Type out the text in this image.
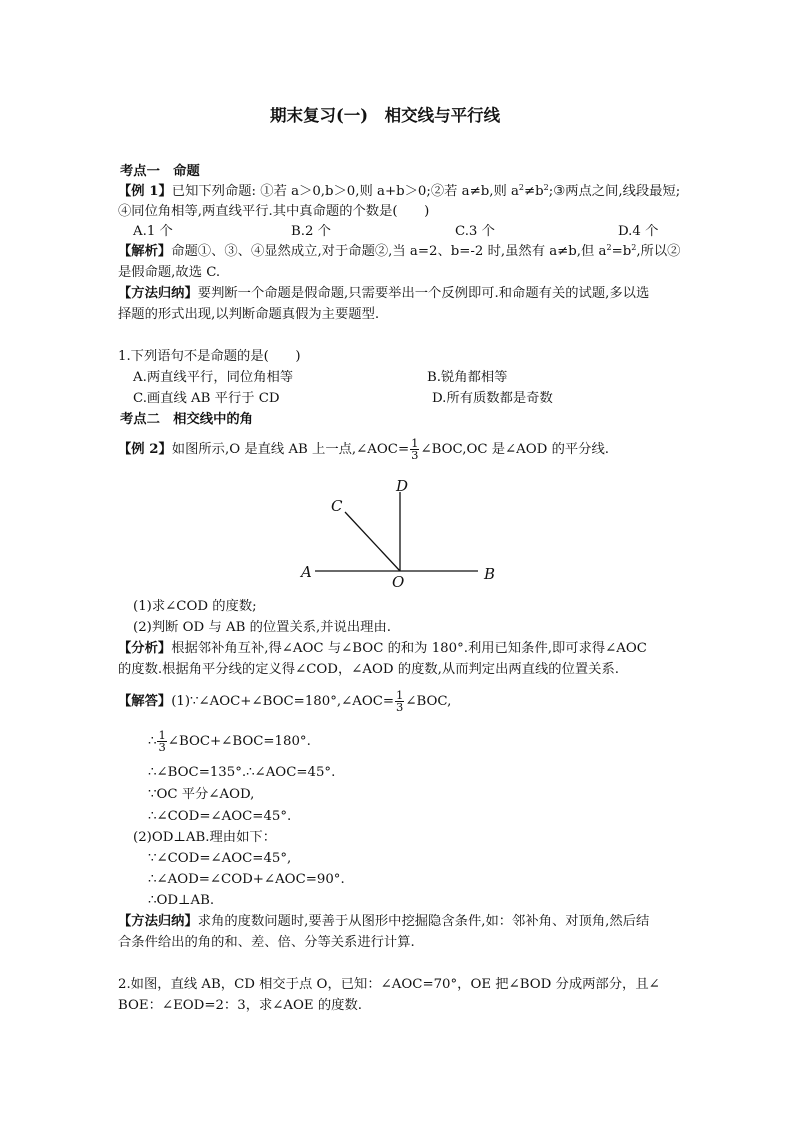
期末复习(一)　相交线与平行线
考点一　命题
【例 1】已知下列命题: ①若 a＞0,b＞0,则 a+b＞0;②若 a≠b,则 $a^2\ne b^2;③$两点之间,线段最短;
④同位角相等,两直线平行.其中真命题的个数是(　　)
A.1 个	B.2 个	C.3 个	D.4 个
【解析】命题①、③、④显然成立,对于命题②,当 a=2、b=-2 时,虽然有 a≠b,但 $a^2=b^2$,所以②
是假命题,故选 C.
【方法归纳】要判断一个命题是假命题,只需要举出一个反例即可.和命题有关的试题,多以选
择题的形式出现,以判断命题真假为主要题型.
1.下列语句不是命题的是(　　)
A.两直线平行，同位角相等	B.锐角都相等
C.画直线 AB 平行于 CD	D.所有质数都是奇数
考点二　相交线中的角
【例 2】如图所示,O 是直线 AB 上一点,∠AOC= $\frac{1}{3}$ ∠BOC,OC 是∠AOD 的平分线.
A	B
C
D
O
(1)求∠COD 的度数;
(2)判断 OD 与 AB 的位置关系,并说出理由.
【分析】根据邻补角互补,得∠AOC 与∠BOC 的和为 180°.利用已知条件,即可求得∠AOC
的度数.根据角平分线的定义得∠COD，∠AOD 的度数,从而判定出两直线的位置关系.
【解答】(1)∵∠AOC+∠BOC=180°,∠AOC= $\frac{1}{3}$ ∠BOC,
∴ $\frac{1}{3}$ ∠BOC+∠BOC=180°.
∴∠BOC=135°.∴∠AOC=45°.
∵OC 平分∠AOD,
∴∠COD=∠AOC=45°.
(2)OD⊥AB.理由如下：
∵∠COD=∠AOC=45°,
∴∠AOD=∠COD+∠AOC=90°.
∴OD⊥AB.
【方法归纳】求角的度数问题时,要善于从图形中挖掘隐含条件,如：邻补角、对顶角,然后结
合条件给出的角的和、差、倍、分等关系进行计算.
2.如图，直线 AB，CD 相交于点 O，已知：∠AOC=70°，OE 把∠BOD 分成两部分，且∠
BOE：∠EOD=2：3，求∠AOE 的度数.
